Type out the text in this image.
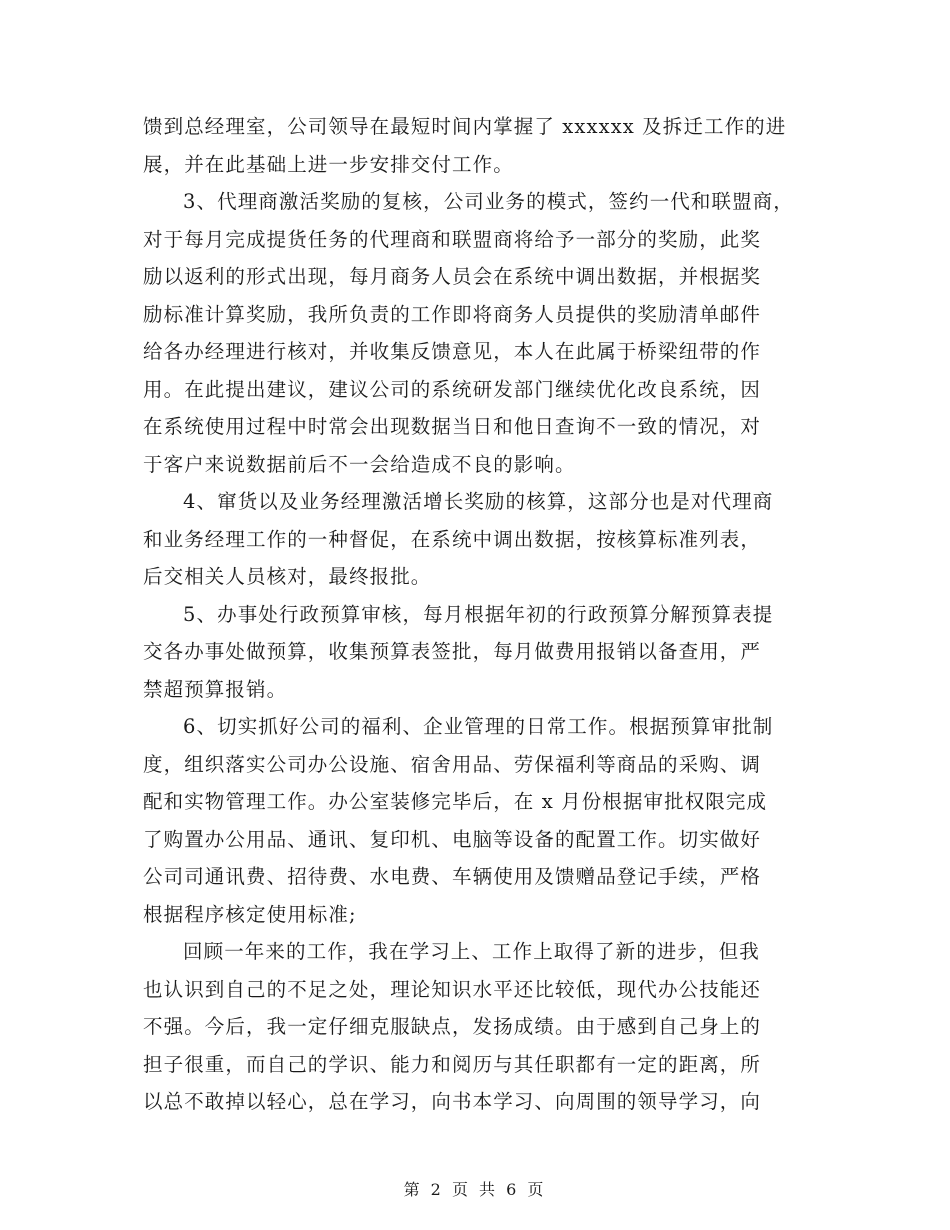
馈到总经理室，公司领导在最短时间内掌握了 xxxxxx 及拆迁工作的进
展，并在此基础上进一步安排交付工作。
3、代理商激活奖励的复核，公司业务的模式，签约一代和联盟商，
对于每月完成提货任务的代理商和联盟商将给予一部分的奖励，此奖
励以返利的形式出现，每月商务人员会在系统中调出数据，并根据奖
励标准计算奖励，我所负责的工作即将商务人员提供的奖励清单邮件
给各办经理进行核对，并收集反馈意见，本人在此属于桥梁纽带的作
用。在此提出建议，建议公司的系统研发部门继续优化改良系统，因
在系统使用过程中时常会出现数据当日和他日查询不一致的情况，对
于客户来说数据前后不一会给造成不良的影响。
4、窜货以及业务经理激活增长奖励的核算，这部分也是对代理商
和业务经理工作的一种督促，在系统中调出数据，按核算标准列表，
后交相关人员核对，最终报批。
5、办事处行政预算审核，每月根据年初的行政预算分解预算表提
交各办事处做预算，收集预算表签批，每月做费用报销以备查用，严
禁超预算报销。
6、切实抓好公司的福利、企业管理的日常工作。根据预算审批制
度，组织落实公司办公设施、宿舍用品、劳保福利等商品的采购、调
配和实物管理工作。办公室装修完毕后，在 x 月份根据审批权限完成
了购置办公用品、通讯、复印机、电脑等设备的配置工作。切实做好
公司司通讯费、招待费、水电费、车辆使用及馈赠品登记手续，严格
根据程序核定使用标准;
回顾一年来的工作，我在学习上、工作上取得了新的进步，但我
也认识到自己的不足之处，理论知识水平还比较低，现代办公技能还
不强。今后，我一定仔细克服缺点，发扬成绩。由于感到自己身上的
担子很重，而自己的学识、能力和阅历与其任职都有一定的距离，所
以总不敢掉以轻心，总在学习，向书本学习、向周围的领导学习，向
第 2 页 共 6 页
